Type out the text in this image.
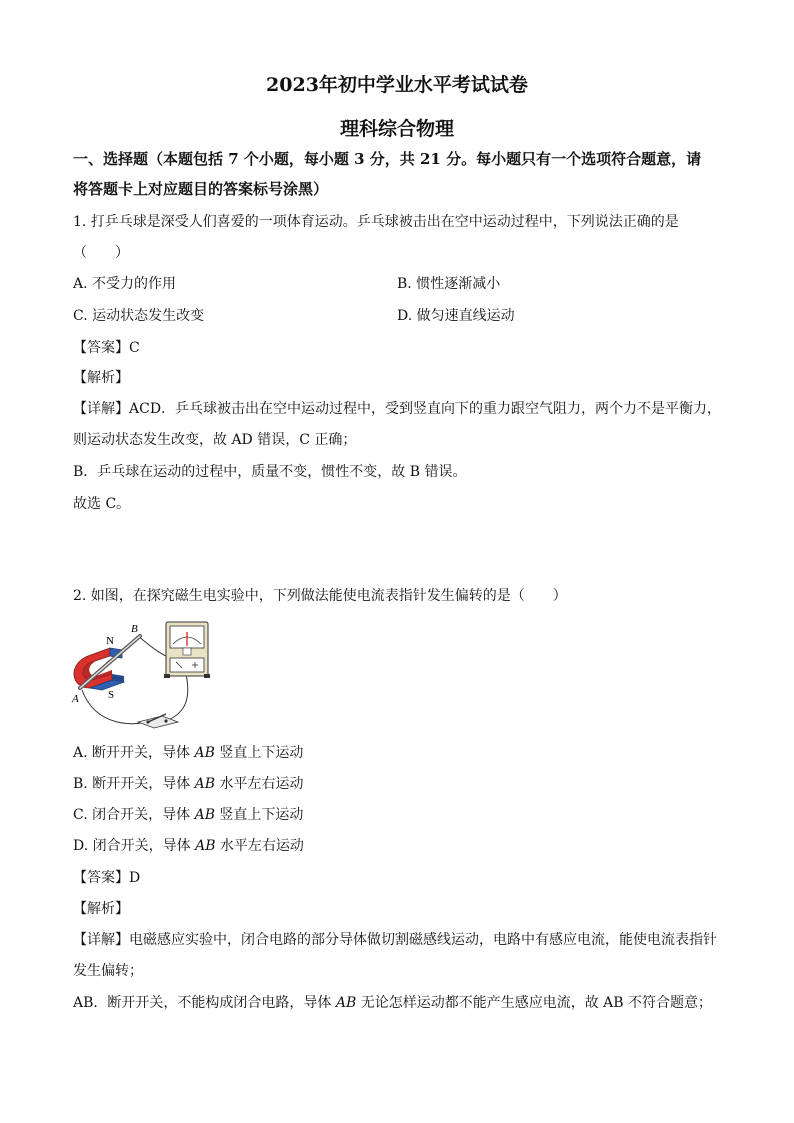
2023年初中学业水平考试试卷
理科综合物理
一、选择题（本题包括 7 个小题，每小题 3 分，共 21 分。每小题只有一个选项符合题意，请
将答题卡上对应题目的答案标号涂黑）
1. 打乒乓球是深受人们喜爱的一项体育运动。乒乓球被击出在空中运动过程中，下列说法正确的是
（　　）
A. 不受力的作用	B. 惯性逐渐减小
C. 运动状态发生改变	D. 做匀速直线运动
【答案】C
【解析】
【详解】ACD．乒乓球被击出在空中运动过程中，受到竖直向下的重力跟空气阻力，两个力不是平衡力，
则运动状态发生改变，故 AD 错误，C 正确；
B．乒乓球在运动的过程中，质量不变，惯性不变，故 B 错误。
故选 C。
2. 如图，在探究磁生电实验中，下列做法能使电流表指针发生偏转的是（　　）
N
S
A
B
A. 断开开关，导体 AB 竖直上下运动
B. 断开开关，导体 AB 水平左右运动
C. 闭合开关，导体 AB 竖直上下运动
D. 闭合开关，导体 AB 水平左右运动
【答案】D
【解析】
【详解】电磁感应实验中，闭合电路的部分导体做切割磁感线运动，电路中有感应电流，能使电流表指针
发生偏转；
AB．断开开关，不能构成闭合电路，导体 AB 无论怎样运动都不能产生感应电流，故 AB 不符合题意；
